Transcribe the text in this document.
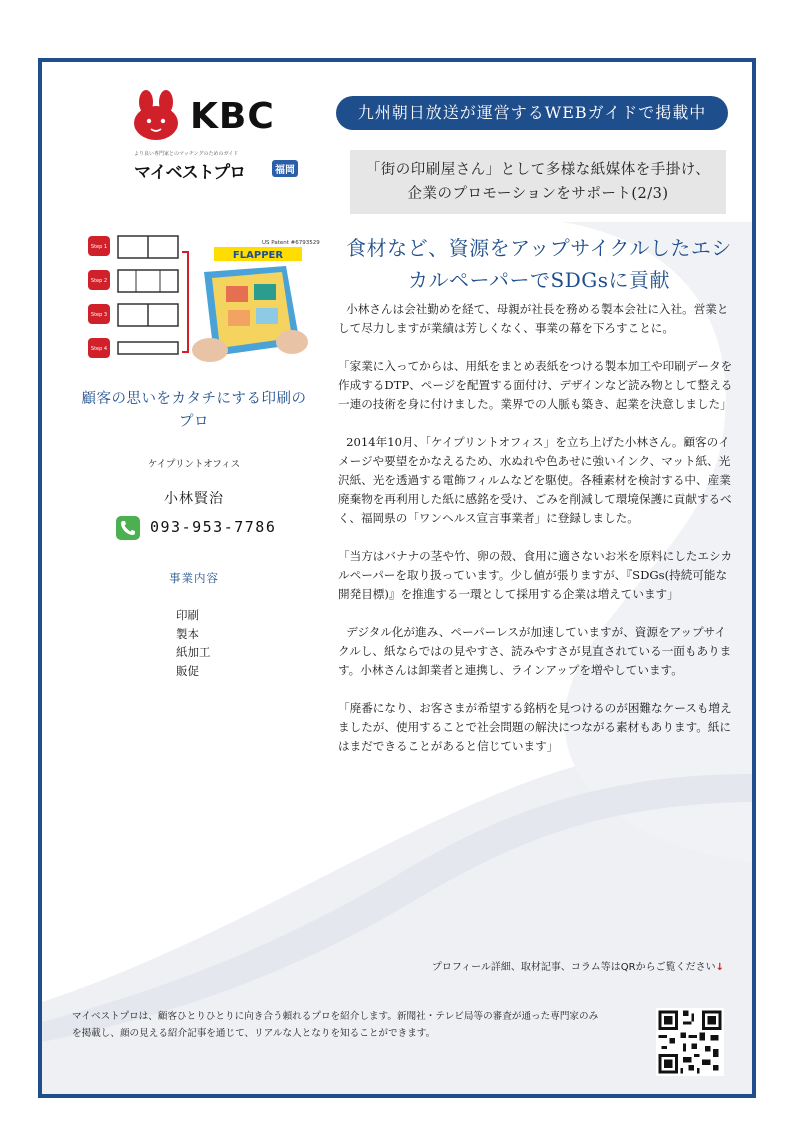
KBC
より良い専門家とのマッチングのためのガイド
マイベストプロ	福岡
九州朝日放送が運営するWEBガイドで掲載中
「街の印刷屋さん」として多様な紙媒体を手掛け、企業のプロモーションをサポート(2/3)
食材など、資源をアップサイクルしたエシカルペーパーでSDGsに貢献
Step 1
Step 2
Step 3
Step 4
US Patent #6793529
FLAPPER
顧客の思いをカタチにする印刷のプロ
ケイプリントオフィス
小林賢治
093-953-7786
事業内容
印刷
製本
紙加工
販促

小林さんは会社勤めを経て、母親が社長を務める製本会社に入社。営業として尽力しますが業績は芳しくなく、事業の幕を下ろすことに。

「家業に入ってからは、用紙をまとめ表紙をつける製本加工や印刷データを作成するDTP、ページを配置する面付け、デザインなど読み物として整える一連の技術を身に付けました。業界での人脈も築き、起業を決意しました」

2014年10月、「ケイプリントオフィス」を立ち上げた小林さん。顧客のイメージや要望をかなえるため、水ぬれや色あせに強いインク、マット紙、光沢紙、光を透過する電飾フィルムなどを駆使。各種素材を検討する中、産業廃棄物を再利用した紙に感銘を受け、ごみを削減して環境保護に貢献するべく、福岡県の「ワンヘルス宣言事業者」に登録しました。

「当方はバナナの茎や竹、卵の殻、食用に適さないお米を原料にしたエシカルペーパーを取り扱っています。少し値が張りますが、『SDGs(持続可能な開発目標)』を推進する一環として採用する企業は増えています」

デジタル化が進み、ペーパーレスが加速していますが、資源をアップサイクルし、紙ならではの見やすさ、読みやすさが見直されている一面もあります。小林さんは卸業者と連携し、ラインアップを増やしています。

「廃番になり、お客さまが希望する銘柄を見つけるのが困難なケースも増えましたが、使用することで社会問題の解決につながる素材もあります。紙にはまだできることがあると信じています」

プロフィール詳細、取材記事、コラム等はQRからご覧ください↓
マイベストプロは、顧客ひとりひとりに向き合う頼れるプロを紹介します。新聞社・テレビ局等の審査が通った専門家のみを掲載し、顔の見える紹介記事を通じて、リアルな人となりを知ることができます。
